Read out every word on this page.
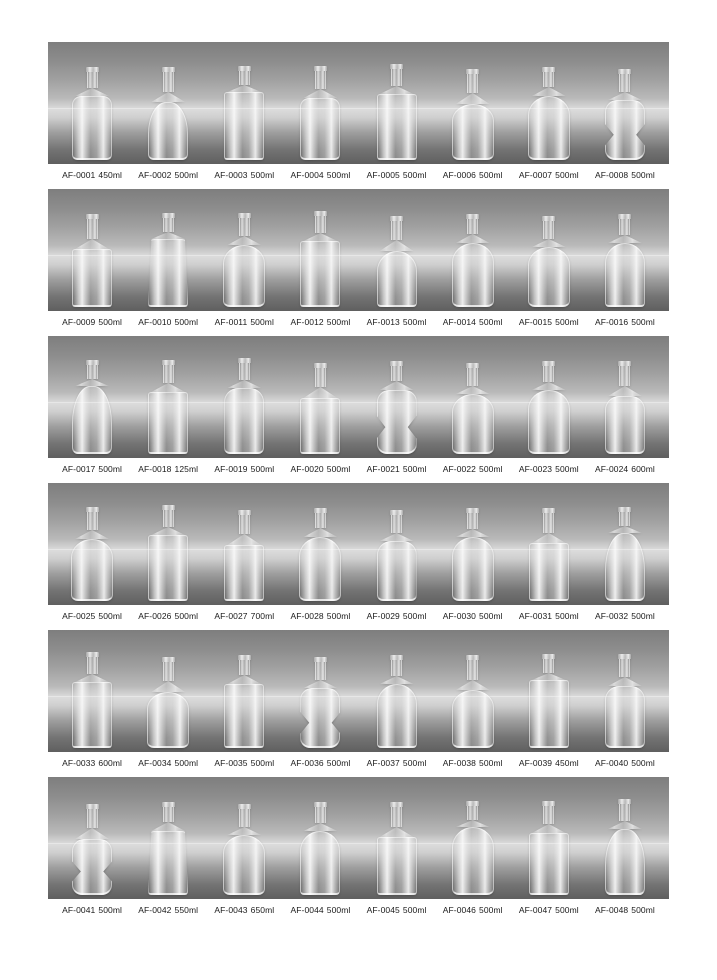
AF-0001 450ml	AF-0002 500ml	AF-0003 500ml	AF-0004 500ml	AF-0005 500ml	AF-0006 500ml	AF-0007 500ml	AF-0008 500ml
AF-0009 500ml	AF-0010 500ml	AF-0011 500ml	AF-0012 500ml	AF-0013 500ml	AF-0014 500ml	AF-0015 500ml	AF-0016 500ml
AF-0017 500ml	AF-0018 125ml	AF-0019 500ml	AF-0020 500ml	AF-0021 500ml	AF-0022 500ml	AF-0023 500ml	AF-0024 600ml
AF-0025 500ml	AF-0026 500ml	AF-0027 700ml	AF-0028 500ml	AF-0029 500ml	AF-0030 500ml	AF-0031 500ml	AF-0032 500ml
AF-0033 600ml	AF-0034 500ml	AF-0035 500ml	AF-0036 500ml	AF-0037 500ml	AF-0038 500ml	AF-0039 450ml	AF-0040 500ml
AF-0041 500ml	AF-0042 550ml	AF-0043 650ml	AF-0044 500ml	AF-0045 500ml	AF-0046 500ml	AF-0047 500ml	AF-0048 500ml
